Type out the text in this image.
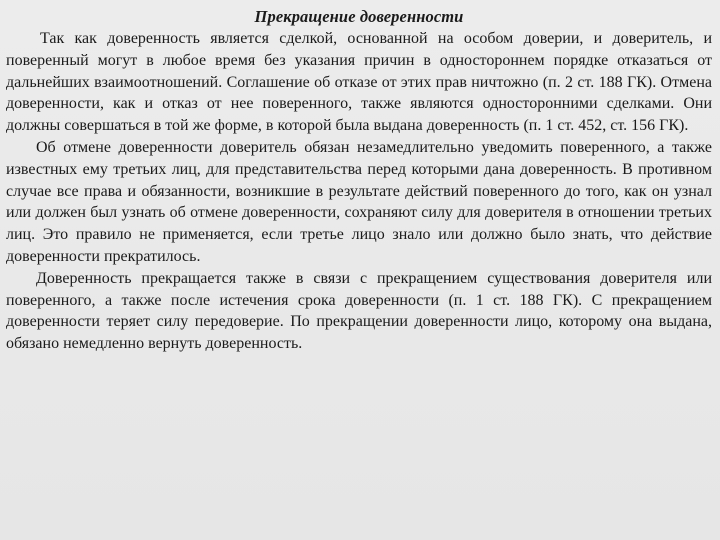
Прекращение доверенности

Так как доверенность является сделкой, основанной на особом доверии, и доверитель, и поверенный могут в любое время без указания причин в одностороннем порядке отказаться от дальнейших взаимоотношений. Соглашение об отказе от этих прав ничтожно (п. 2 ст. 188 ГК). Отмена доверенности, как и отказ от нее поверенного, также являются односторонними сделками. Они должны совершаться в той же форме, в которой была выдана доверенность (п. 1 ст. 452, ст. 156 ГК).

Об отмене доверенности доверитель обязан незамедлительно уведомить поверенного, а также известных ему третьих лиц, для представительства перед которыми дана доверенность. В противном случае все права и обязанности, возникшие в результате действий поверенного до того, как он узнал или должен был узнать об отмене доверенности, сохраняют силу для доверителя в отношении третьих лиц. Это правило не применяется, если третье лицо знало или должно было знать, что действие доверенности прекратилось.

Доверенность прекращается также в связи с прекращением существования доверителя или поверенного, а также после истечения срока доверенности (п. 1 ст. 188 ГК). С прекращением доверенности теряет силу передоверие. По прекращении доверенности лицо, которому она выдана, обязано немедленно вернуть доверенность.
